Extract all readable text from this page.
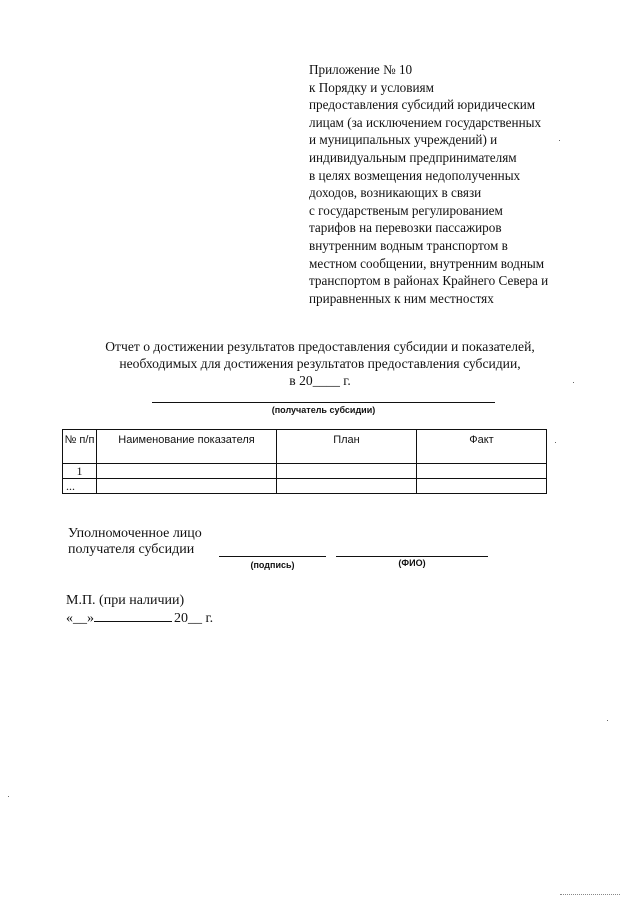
Приложение № 10
к Порядку и условиям
предоставления субсидий юридическим
лицам (за исключением государственных
и муниципальных учреждений) и
индивидуальным предпринимателям
в целях возмещения недополученных
доходов, возникающих в связи
с государственым регулированием
тарифов на перевозки пассажиров
внутренним водным транспортом в
местном сообщении, внутренним водным
транспортом в районах Крайнего Севера и
приравненных к ним местностях
Отчет о достижении результатов предоставления субсидии и показателей,
необходимых для достижения результатов предоставления субсидии,
в 20____ г.
(получатель субсидии)
№ п/п	Наименование показателя	План	Факт
1			
...			
Уполномоченное лицо
получателя субсидии
(подпись)	(ФИО)
М.П. (при наличии)
«__»	20__ г.
